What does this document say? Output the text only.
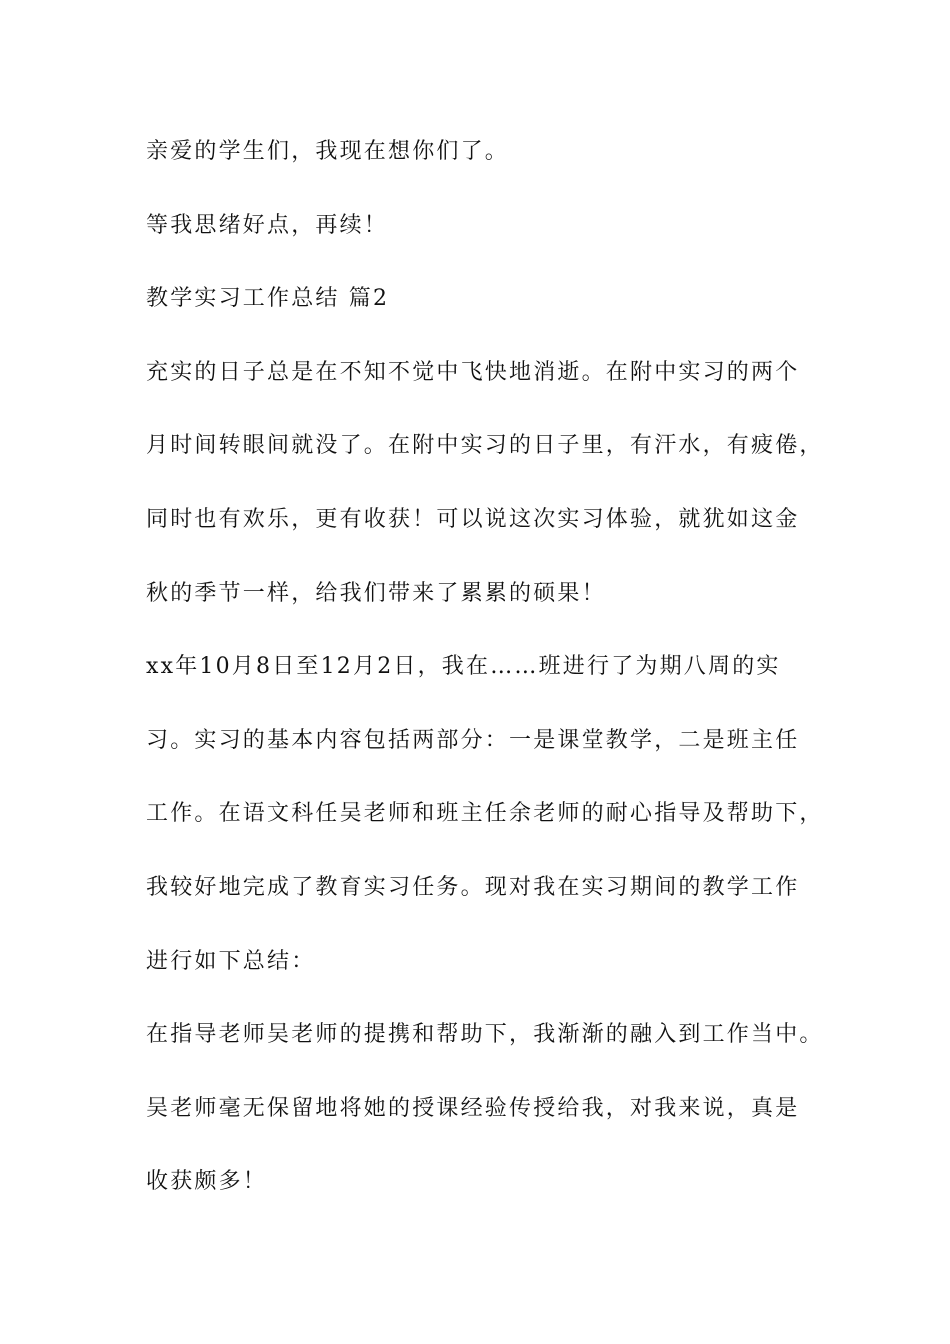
亲爱的学生们，我现在想你们了。

等我思绪好点，再续！

教学实习工作总结 篇2

充实的日子总是在不知不觉中飞快地消逝。在附中实习的两个

月时间转眼间就没了。在附中实习的日子里，有汗水，有疲倦，

同时也有欢乐，更有收获！可以说这次实习体验，就犹如这金

秋的季节一样，给我们带来了累累的硕果！

xx年10月8日至12月2日，我在……班进行了为期八周的实

习。实习的基本内容包括两部分：一是课堂教学，二是班主任

工作。在语文科任吴老师和班主任余老师的耐心指导及帮助下，

我较好地完成了教育实习任务。现对我在实习期间的教学工作

进行如下总结：

在指导老师吴老师的提携和帮助下，我渐渐的融入到工作当中。

吴老师毫无保留地将她的授课经验传授给我，对我来说，真是

收获颇多！
